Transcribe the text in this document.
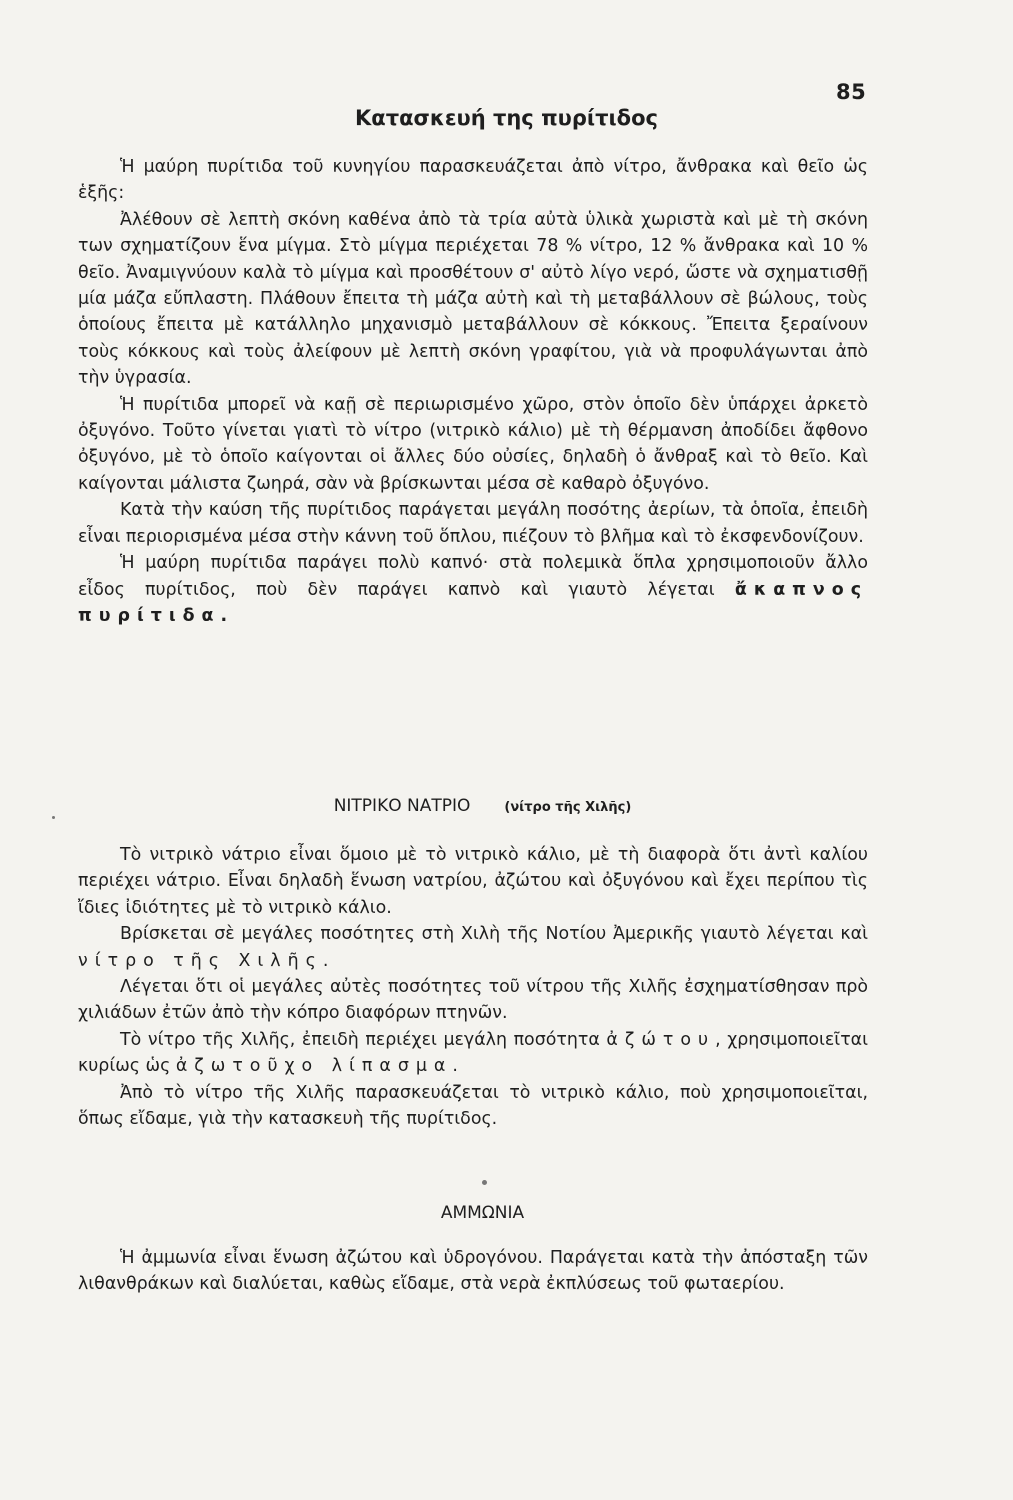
85
Κατασκευή της πυρίτιδος

Ἡ μαύρη πυρίτιδα τοῦ κυνηγίου παρασκευάζεται ἀπὸ νίτρο, ἄνθρακα καὶ θεῖο ὡς ἑξῆς:

Ἀλέθουν σὲ λεπτὴ σκόνη καθένα ἀπὸ τὰ τρία αὐτὰ ὑλικὰ χωριστὰ καὶ μὲ τὴ σκόνη των σχηματίζουν ἕνα μίγμα. Στὸ μίγμα περιέχεται 78 % νίτρο, 12 % ἄνθρακα καὶ 10 % θεῖο. Ἀναμιγνύουν καλὰ τὸ μίγμα καὶ προσθέτουν σ' αὐτὸ λίγο νερό, ὥστε νὰ σχηματισθῇ μία μάζα εὔπλαστη. Πλάθουν ἔπειτα τὴ μάζα αὐτὴ καὶ τὴ μεταβάλλουν σὲ βώλους, τοὺς ὁποίους ἔπειτα μὲ κατάλληλο μηχανισμὸ μεταβάλλουν σὲ κόκκους. Ἔπειτα ξεραίνουν τοὺς κόκκους καὶ τοὺς ἀλείφουν μὲ λεπτὴ σκόνη γραφίτου, γιὰ νὰ προφυλάγωνται ἀπὸ τὴν ὑγρασία.

Ἡ πυρίτιδα μπορεῖ νὰ καῇ σὲ περιωρισμένο χῶρο, στὸν ὁποῖο δὲν ὑπάρχει ἀρκετὸ ὀξυγόνο. Τοῦτο γίνεται γιατὶ τὸ νίτρο (νιτρικὸ κάλιο) μὲ τὴ θέρμανση ἀποδίδει ἄφθονο ὀξυγόνο, μὲ τὸ ὁποῖο καίγονται οἱ ἄλλες δύο οὐσίες, δηλαδὴ ὁ ἄνθραξ καὶ τὸ θεῖο. Καὶ καίγονται μάλιστα ζωηρά, σὰν νὰ βρίσκωνται μέσα σὲ καθαρὸ ὀξυγόνο.

Κατὰ τὴν καύση τῆς πυρίτιδος παράγεται μεγάλη ποσότης ἀερίων, τὰ ὁποῖα, ἐπειδὴ εἶναι περιορισμένα μέσα στὴν κάννη τοῦ ὅπλου, πιέζουν τὸ βλῆμα καὶ τὸ ἐκσφενδονίζουν.

Ἡ μαύρη πυρίτιδα παράγει πολὺ καπνό· στὰ πολεμικὰ ὅπλα χρησιμοποιοῦν ἄλλο εἶδος πυρίτιδος, ποὺ δὲν παράγει καπνὸ καὶ γιαυτὸ λέγεται ἄκαπνος πυρίτιδα.

ΝΙΤΡΙΚΟ ΝΑΤΡΙΟ	(νίτρο τῆς Χιλῆς)

Τὸ νιτρικὸ νάτριο εἶναι ὅμοιο μὲ τὸ νιτρικὸ κάλιο, μὲ τὴ διαφορὰ ὅτι ἀντὶ καλίου περιέχει νάτριο. Εἶναι δηλαδὴ ἕνωση νατρίου, ἀζώτου καὶ ὀξυγόνου καὶ ἔχει περίπου τὶς ἴδιες ἰδιότητες μὲ τὸ νιτρικὸ κάλιο.

Βρίσκεται σὲ μεγάλες ποσότητες στὴ Χιλὴ τῆς Νοτίου Ἀμερικῆς γιαυτὸ λέγεται καὶ νίτρο τῆς Χιλῆς.

Λέγεται ὅτι οἱ μεγάλες αὐτὲς ποσότητες τοῦ νίτρου τῆς Χιλῆς ἐσχηματίσθησαν πρὸ χιλιάδων ἐτῶν ἀπὸ τὴν κόπρο διαφόρων πτηνῶν.

Τὸ νίτρο τῆς Χιλῆς, ἐπειδὴ περιέχει μεγάλη ποσότητα ἀζώτου, χρησιμοποιεῖται κυρίως ὡς ἀζωτοῦχο λίπασμα.

Ἀπὸ τὸ νίτρο τῆς Χιλῆς παρασκευάζεται τὸ νιτρικὸ κάλιο, ποὺ χρησιμοποιεῖται, ὅπως εἴδαμε, γιὰ τὴν κατασκευὴ τῆς πυρίτιδος.

ΑΜΜΩΝΙΑ

Ἡ ἀμμωνία εἶναι ἕνωση ἀζώτου καὶ ὑδρογόνου. Παράγεται κατὰ τὴν ἀπόσταξη τῶν λιθανθράκων καὶ διαλύεται, καθὼς εἴδαμε, στὰ νερὰ ἐκπλύσεως τοῦ φωταερίου.
